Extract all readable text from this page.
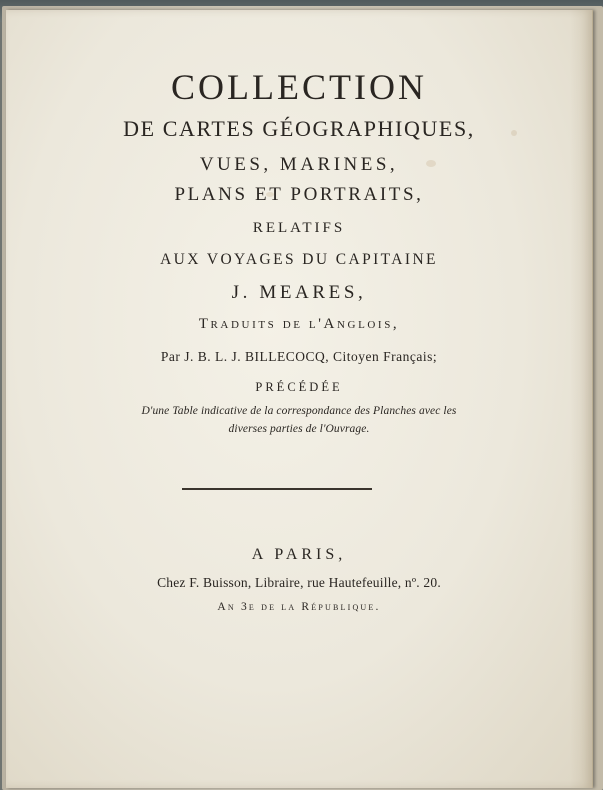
COLLECTION
DE CARTES GÉOGRAPHIQUES,
VUES, MARINES,
PLANS ET PORTRAITS,
RELATIFS
AUX VOYAGES DU CAPITAINE
J. MEARES,
Traduits de l'Anglois,
Par J. B. L. J. BILLECOCQ, Citoyen Français;
PRÉCÉDÉE
D'une Table indicative de la correspondance des Planches avec les
diverses parties de l'Ouvrage.
A PARIS,
Chez F. Buisson, Libraire, rue Hautefeuille, nº. 20.
An 3e de la République.
